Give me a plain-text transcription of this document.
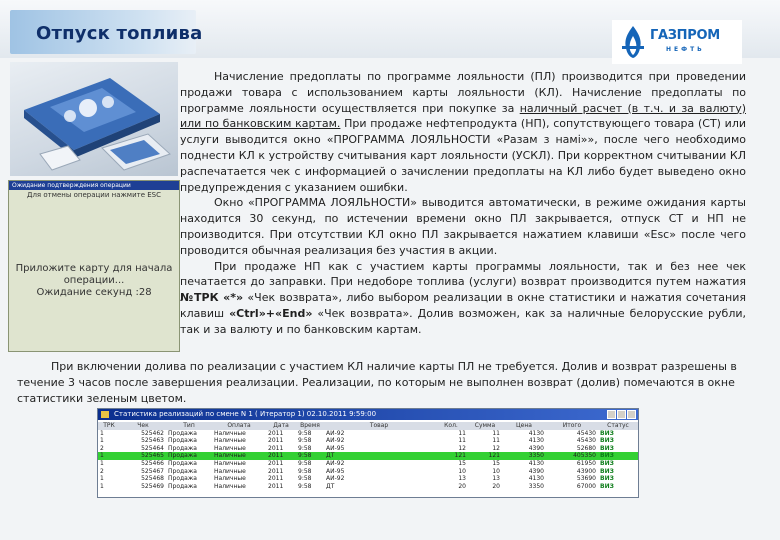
Отпуск топлива	ГАЗПРОМ
НЕФТЬ
Ожидание подтверждения операции
Для отмены операции нажмите ESC
Приложите карту для начала
операции...
Ожидание секунд :28

Начисление предоплаты по программе лояльности (ПЛ) производится при проведении продажи товара с использованием карты лояльности (КЛ). Начисление предоплаты по программе лояльности осуществляется при покупке за наличный расчет (в т.ч. и за валюту) или по банковским картам. При продаже нефтепродукта (НП), сопутствующего товара (СТ) или услуги выводится окно «ПРОГРАММА ЛОЯЛЬНОСТИ «Разам з намі»», после чего необходимо поднести КЛ к устройству считывания карт лояльности (УСКЛ). При корректном считывании КЛ распечатается чек с информацией о зачислении предоплаты на КЛ либо будет выведено окно предупреждения с указанием ошибки.

Окно «ПРОГРАММА ЛОЯЛЬНОСТИ» выводится автоматически, в режиме ожидания карты находится 30 секунд, по истечении времени окно ПЛ закрывается, отпуск СТ и НП не производится. При отсутствии КЛ окно ПЛ закрывается нажатием клавиши «Esc» после чего проводится обычная реализация без участия в акции.

При продаже НП как с участием карты программы лояльности, так и без нее чек печатается до заправки. При недоборе топлива (услуги) возврат производится путем нажатия №ТРК «*» «Чек возврата», либо выбором реализации в окне статистики и нажатия сочетания клавиш «Ctrl»+«End» «Чек возврата». Долив возможен, как за наличные белорусские рубли, так и за валюту и по банковским картам.

При включении долива по реализации с участием КЛ наличие карты ПЛ не требуется. Долив и возврат разрешены в течение 3 часов после завершения реализации. Реализации, по которым не выполнен возврат (долив) помечаются в окне статистики зеленым цветом.

Статистика реализаций по смене N 1 ( Итератор 1) 02.10.2011 9:59:00
ТРК	Чек	Тип	Оплата	Дата	Время	Товар	Кол.	Сумма	Цена	Итого	Статус
1	525462	Продажа	Наличные	2011	9:58	АИ-92	11	11	4130	45430	ВИЗ
1	525463	Продажа	Наличные	2011	9:58	АИ-92	11	11	4130	45430	ВИЗ
2	525464	Продажа	Наличные	2011	9:58	АИ-95	12	12	4390	52680	ВИЗ
1	525465	Продажа	Наличные	2011	9:58	ДТ	121	121	3350	405350	ВИЗ
1	525466	Продажа	Наличные	2011	9:58	АИ-92	15	15	4130	61950	ВИЗ
2	525467	Продажа	Наличные	2011	9:58	АИ-95	10	10	4390	43900	ВИЗ
1	525468	Продажа	Наличные	2011	9:58	АИ-92	13	13	4130	53690	ВИЗ
1	525469	Продажа	Наличные	2011	9:58	ДТ	20	20	3350	67000	ВИЗ
